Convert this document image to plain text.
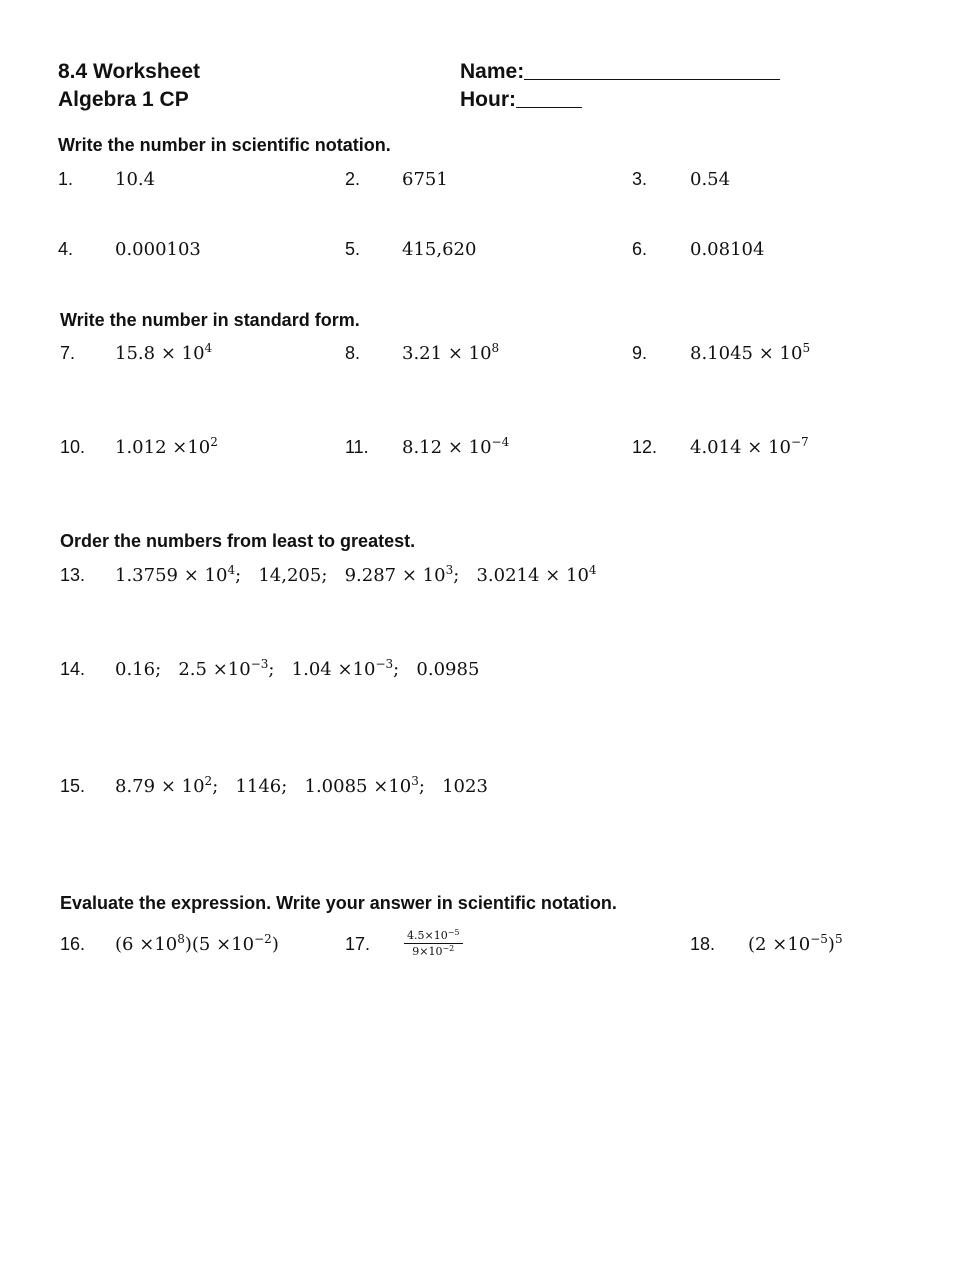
8.4 Worksheet
Algebra 1 CP
Name:
Hour:
Write the number in scientific notation.
1. 10.4	2. 6751	3. 0.54
4. 0.000103	5. 415,620	6. 0.08104
Write the number in standard form.
7. $15.8 \times 10^4$	8. $3.21 \times 10^8$	9. $8.1045 \times 10^5$
10. $1.012 \times 10^2$	11. $8.12 \times 10^{-4}$	12. $4.014 \times 10^{-7}$
Order the numbers from least to greatest.
13. $1.3759 \times 10^4$; 14,205; $9.287 \times 10^3$; $3.0214 \times 10^4$
14. 0.16; $2.5 \times 10^{-3}$; $1.04 \times 10^{-3}$; 0.0985
15. $8.79 \times 10^2$; 1146; $1.0085 \times 10^3$; 1023
Evaluate the expression. Write your answer in scientific notation.
16. $(6 \times 10^8)(5 \times 10^{-2})$	17.	$\frac{4.5\times 10^{-5}}{9\times 10^{-2}}$	18. $(2 \times 10^{-5})^5$
